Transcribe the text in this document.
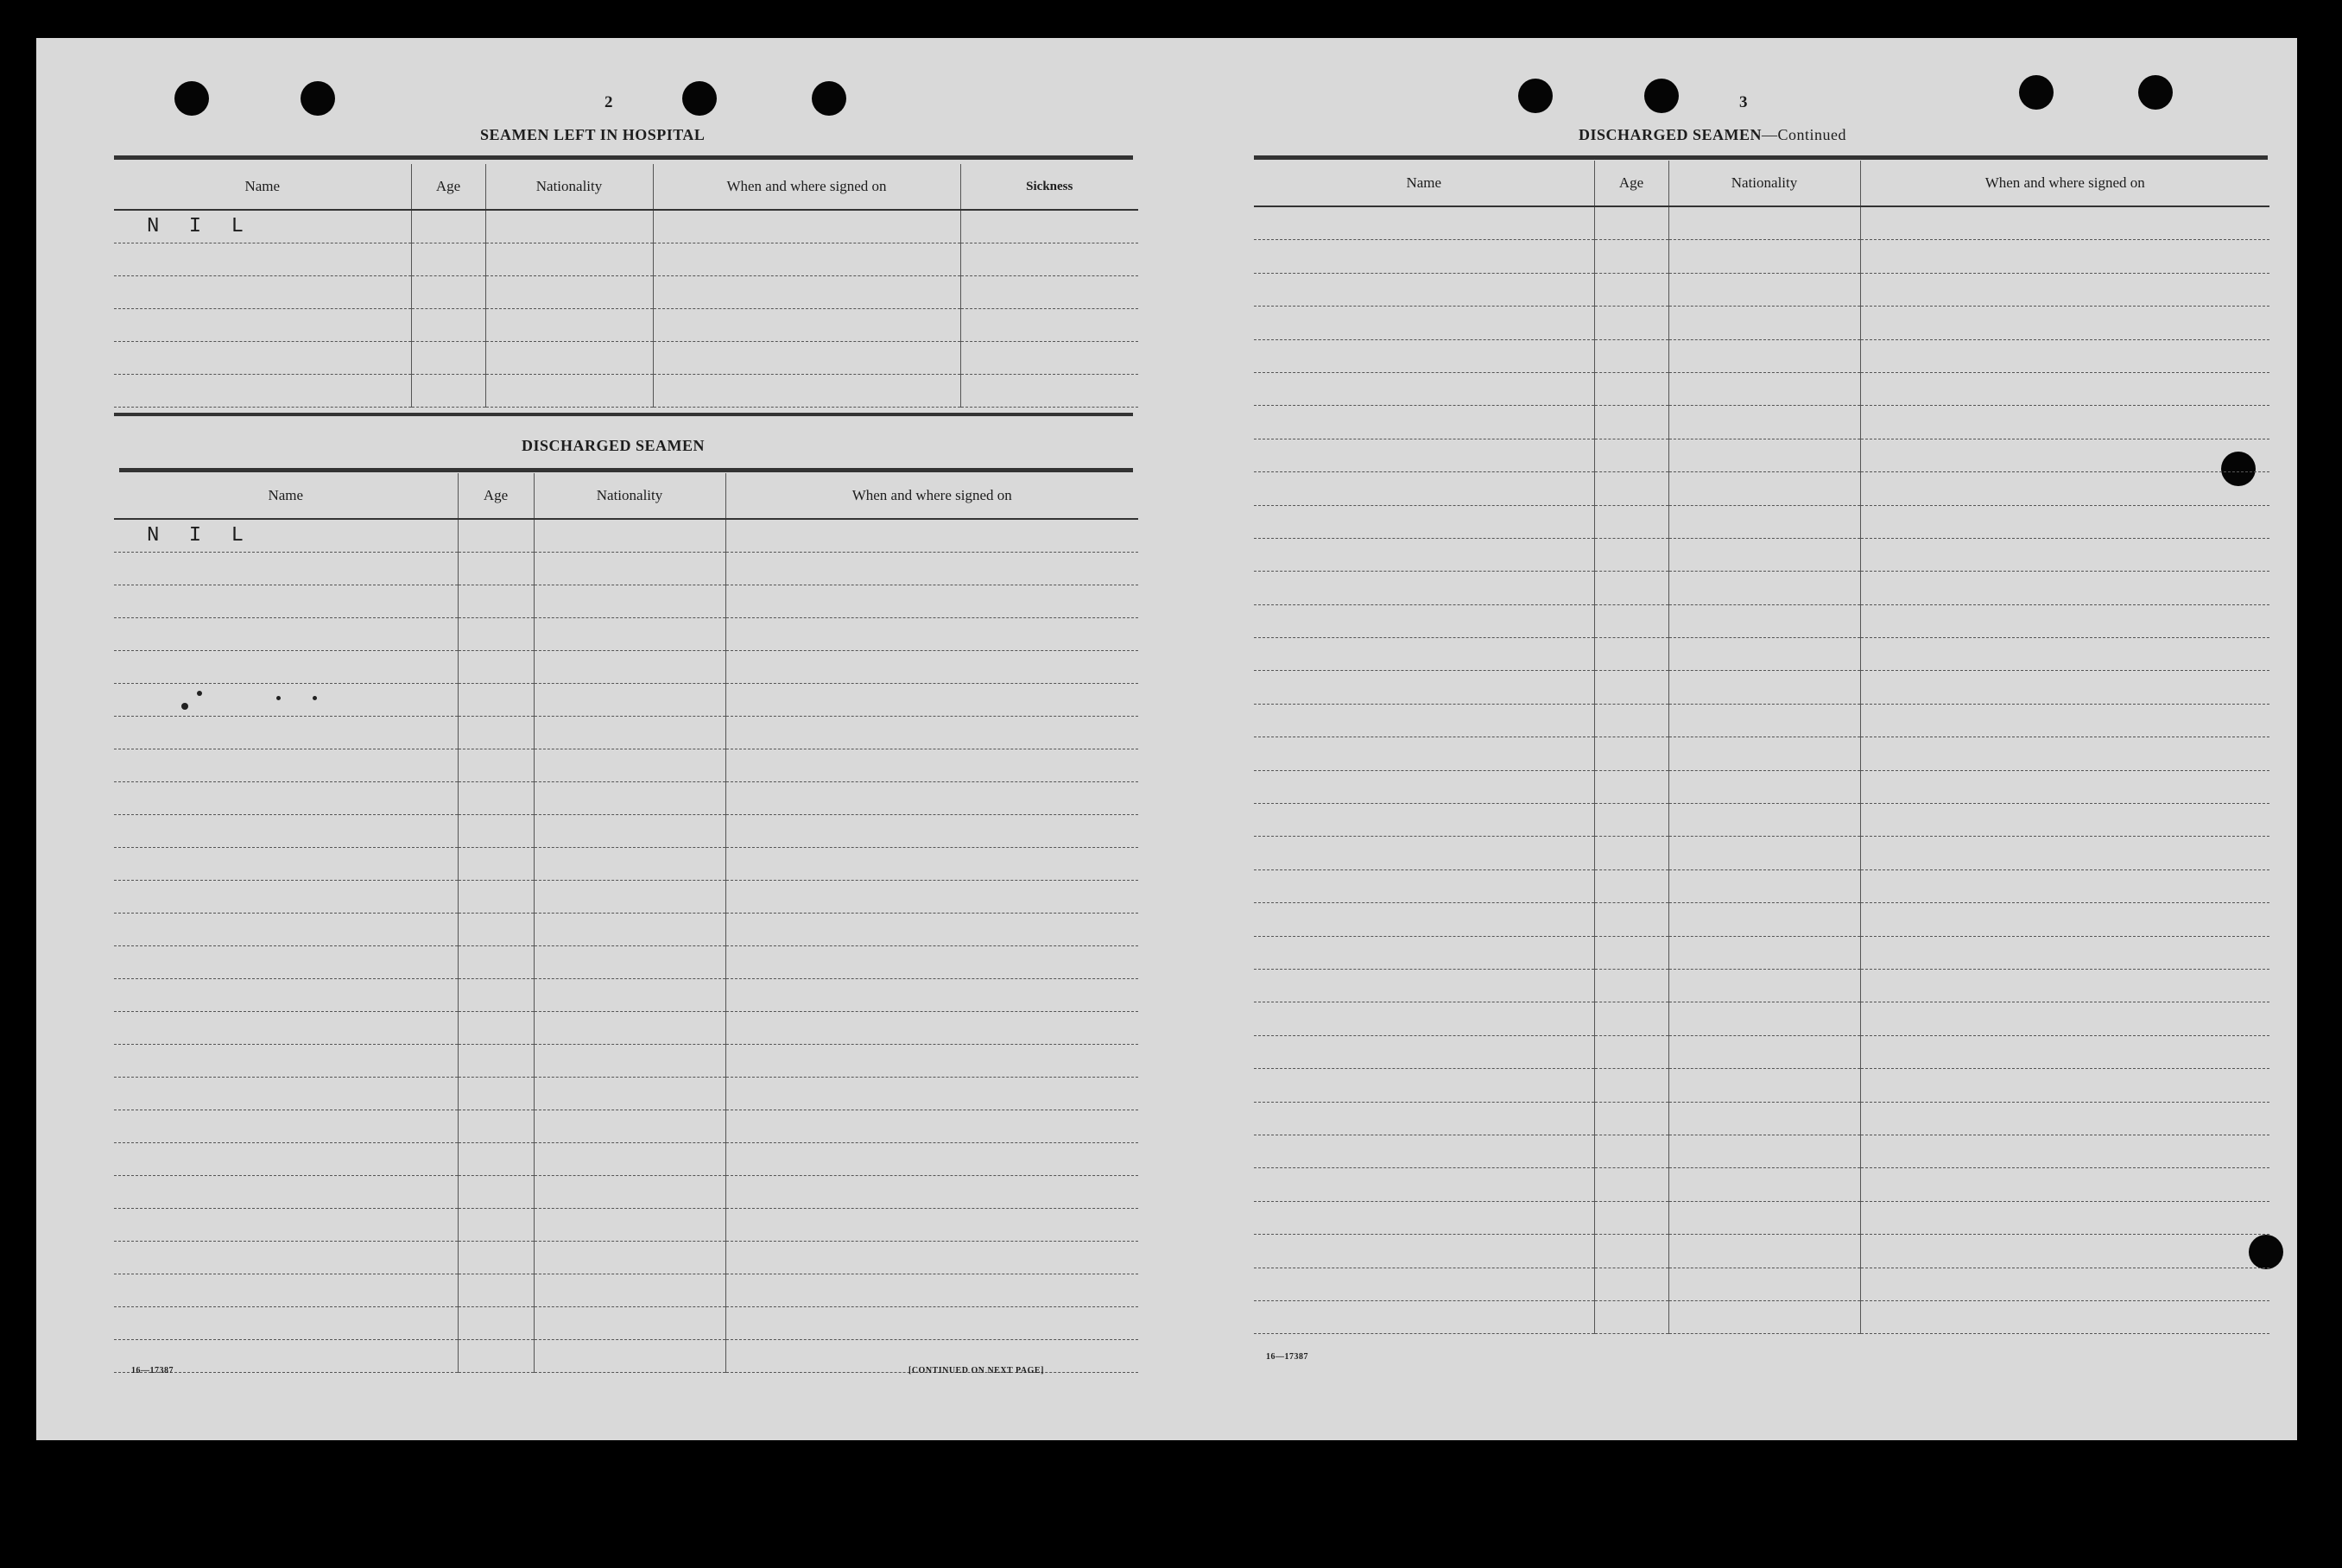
2
SEAMEN LEFT IN HOSPITAL
Name	Age	Nationality	When and where signed on	Sickness
N I L				

DISCHARGED SEAMEN
Name	Age	Nationality	When and where signed on
N I L			

16—17387	[CONTINUED ON NEXT PAGE]
3
DISCHARGED SEAMEN—Continued
Name	Age	Nationality	When and where signed on

16—17387
